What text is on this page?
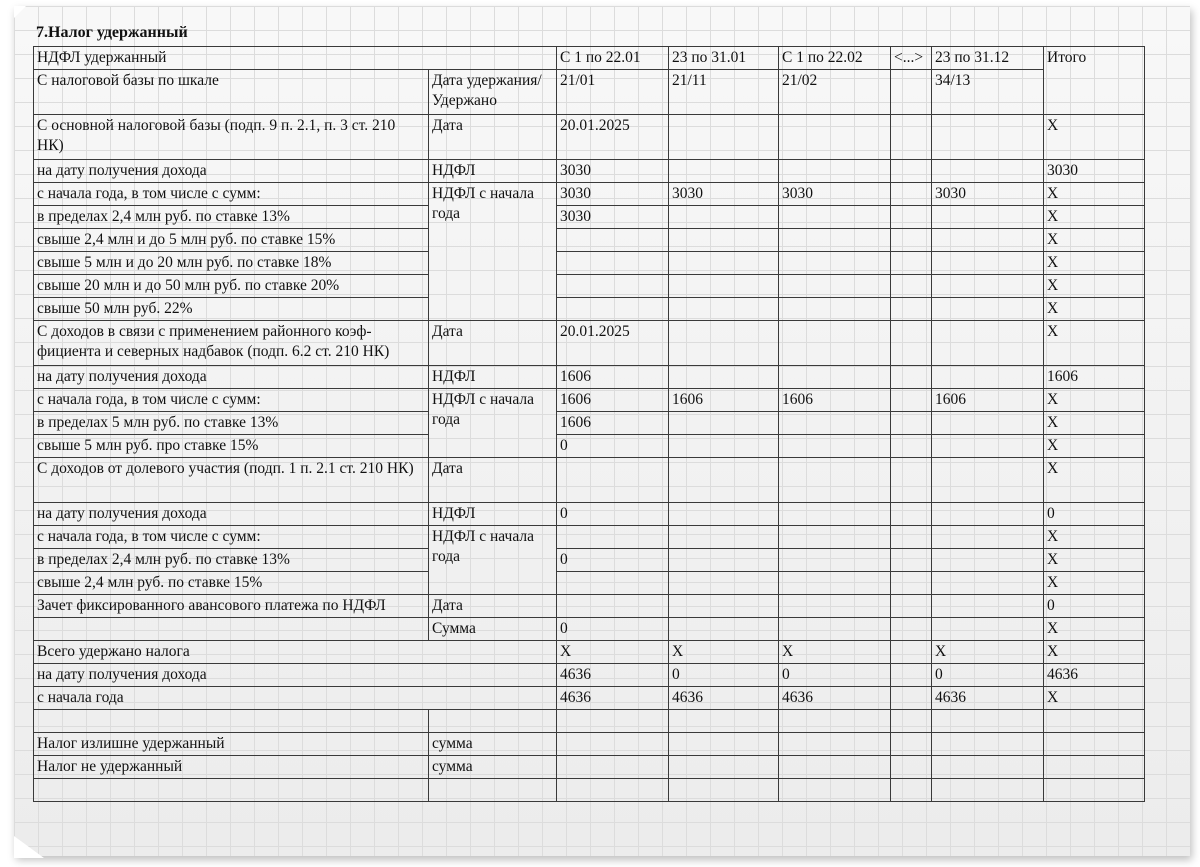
7.Налог удержанный
НДФЛ удержанный		С 1 по 22.01	23 по 31.01	С 1 по 22.02	<...>	23 по 31.12	Итого
С налоговой базы по шкале	Дата удержания/ Удержано	21/01	21/11	21/02		34/13	
С основной налоговой базы (подп. 9 п. 2.1, п. 3 ст. 210 НК)	Дата	20.01.2025					X
на дату получения дохода	НДФЛ	3030					3030
с начала года, в том числе с сумм:	НДФЛ с начала года	3030	3030	3030		3030	X
в пределах 2,4 млн руб. по ставке 13%		3030					X
свыше 2,4 млн и до 5 млн руб. по ставке 15%							X
свыше 5 млн и до 20 млн руб. по ставке 18%							X
свыше 20 млн и до 50 млн руб. по ставке 20%							X
свыше 50 млн руб. 22%							X
С доходов в связи с применением районного коэф-фициента и северных надбавок (подп. 6.2 ст. 210 НК)	Дата	20.01.2025					X
на дату получения дохода	НДФЛ	1606					1606
с начала года, в том числе с сумм:	НДФЛ с начала года	1606	1606	1606		1606	X
в пределах 5 млн руб. по ставке 13%		1606					X
свыше 5 млн руб. про ставке 15%		0					X
С доходов от долевого участия (подп. 1 п. 2.1 ст. 210 НК)	Дата						X
на дату получения дохода	НДФЛ	0					0
с начала года, в том числе с сумм:	НДФЛ с начала года						X
в пределах 2,4 млн руб. по ставке 13%		0					X
свыше 2,4 млн руб. по ставке 15%							X
Зачет фиксированного авансового платежа по НДФЛ	Дата						0
	Сумма	0					X
Всего удержано налога		X	X	X		X	X
на дату получения дохода		4636	0	0		0	4636
с начала года		4636	4636	4636		4636	X

Налог излишне удержанный	сумма						
Налог не удержанный	сумма						
